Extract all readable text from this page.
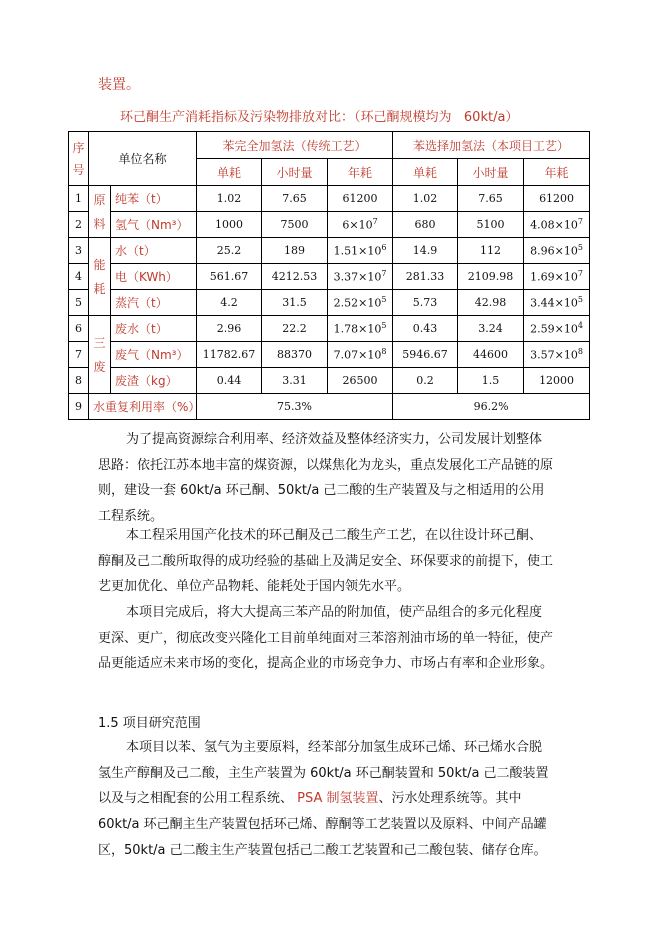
装置。
环己酮生产消耗指标及污染物排放对比：（环己酮规模均为   60kt/a）
序号	单位名称		苯完全加氢法（传统工艺）			苯选择加氢法（本项目工艺）		
			单耗	小时量	年耗	单耗	小时量	年耗
1	原料	纯苯（t）	1.02	7.65	61200	1.02	7.65	61200
2		氢气（Nm³）	1000	7500	$6\times 10^7$	680	5100	$4.08\times 10^7$
3	能耗	水（t）	25.2	189	$1.51\times 10^6$	14.9	112	$8.96\times 10^5$
4		电（KWh）	561.67	4212.53	$3.37\times 10^7$	281.33	2109.98	$1.69\times 10^7$
5		蒸汽（t）	4.2	31.5	$2.52\times 10^5$	5.73	42.98	$3.44\times 10^5$
6	三废	废水（t）	2.96	22.2	$1.78\times 10^5$	0.43	3.24	$2.59\times 10^4$
7		废气（Nm³）	11782.67	88370	$7.07\times 10^8$	5946.67	44600	$3.57\times 10^8$
8		废渣（kg）	0.44	3.31	26500	0.2	1.5	12000
9	水重复利用率（%）		75.3%			96.2%		
为了提高资源综合利用率、经济效益及整体经济实力，公司发展计划整体思路：依托江苏本地丰富的煤资源，以煤焦化为龙头，重点发展化工产品链的原则，建设一套 60kt/a 环己酮、50kt/a 己二酸的生产装置及与之相适用的公用工程系统。
本工程采用国产化技术的环己酮及己二酸生产工艺，在以往设计环己酮、醇酮及己二酸所取得的成功经验的基础上及满足安全、环保要求的前提下，使工艺更加优化、单位产品物耗、能耗处于国内领先水平。
本项目完成后，将大大提高三苯产品的附加值，使产品组合的多元化程度更深、更广，彻底改变兴隆化工目前单纯面对三苯溶剂油市场的单一特征，使产品更能适应未来市场的变化，提高企业的市场竞争力、市场占有率和企业形象。
1.5 项目研究范围
本项目以苯、氢气为主要原料，经苯部分加氢生成环己烯、环己烯水合脱氢生产醇酮及己二酸，主生产装置为 60kt/a 环己酮装置和 50kt/a 己二酸装置以及与之相配套的公用工程系统、 PSA 制氢装置、污水处理系统等。其中 60kt/a 环己酮主生产装置包括环己烯、醇酮等工艺装置以及原料、中间产品罐区，50kt/a 己二酸主生产装置包括己二酸工艺装置和己二酸包装、储存仓库。
